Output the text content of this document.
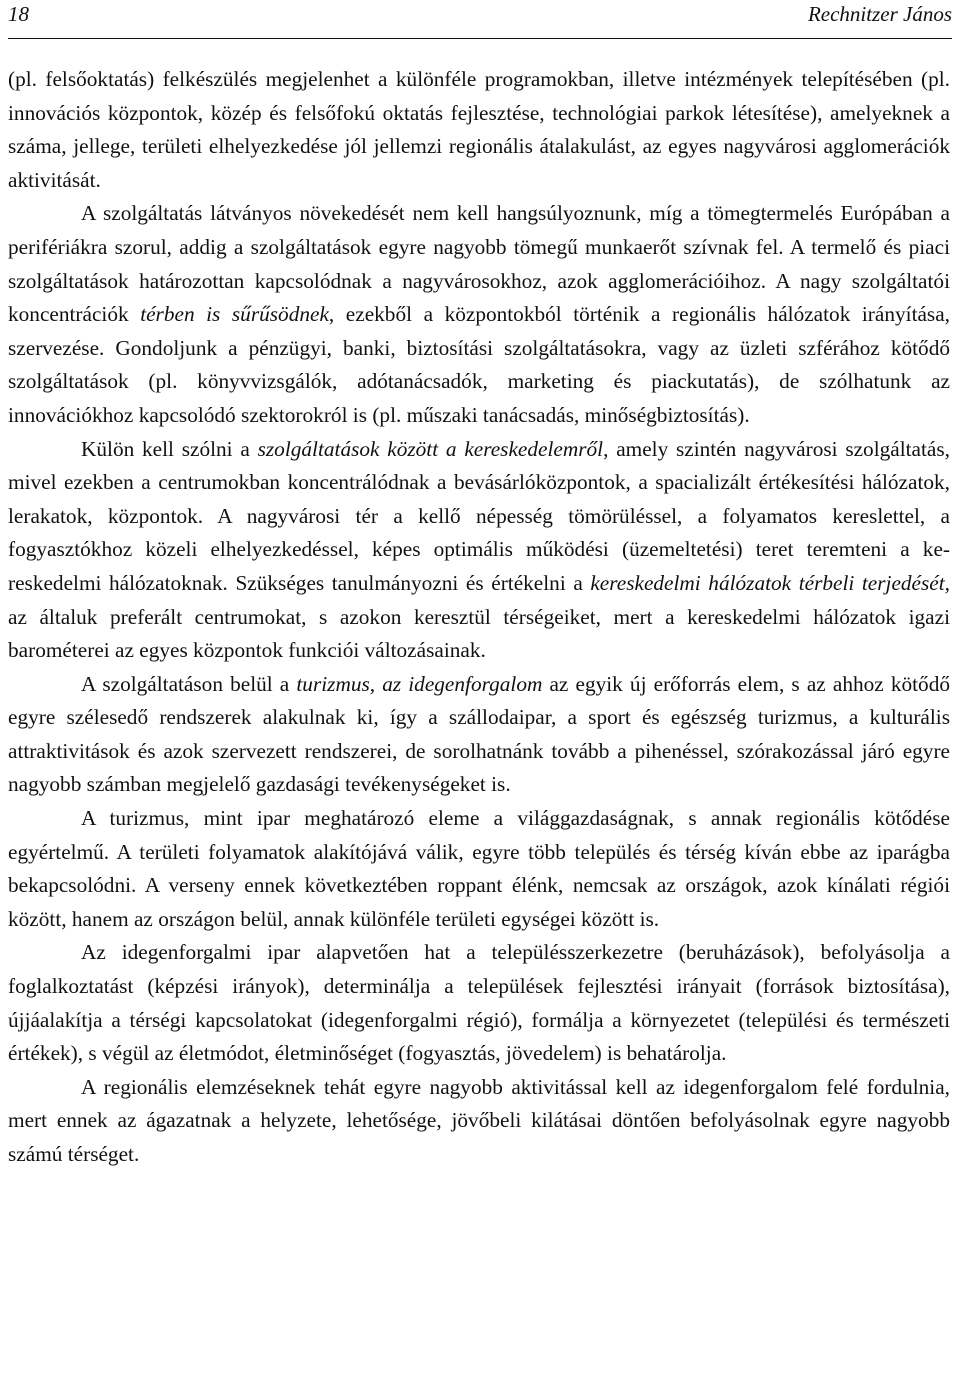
18	Rechnitzer János

(pl. felsőoktatás) felkészülés megjelenhet a különféle programokban, illetve intézmények telepítésében (pl. innovációs központok, közép és felsőfokú oktatás fejlesztése, technológiai parkok létesítése), amelyeknek a száma, jellege, területi elhelyezkedése jól jellemzi regionális átalakulást, az egyes nagyvárosi agglomerációk aktivitását.

A szolgáltatás látványos növekedését nem kell hangsúlyoznunk, míg a tömegtermelés Európában a perifériákra szorul, addig a szolgáltatások egyre nagyobb tömegű munkaerőt szívnak fel. A termelő és piaci szolgáltatások határozottan kapcsolódnak a nagyvárosokhoz, azok agglomerációihoz. A nagy szolgáltatói koncentrációk térben is sűrűsödnek, ezekből a központokból történik a regionális hálózatok irányítása, szervezése. Gondoljunk a pénzügyi, banki, biztosítási szolgáltatásokra, vagy az üzleti szférához kötődő szolgáltatások (pl. könyvvizsgálók, adótanácsadók, marketing és piackutatás), de szólhatunk az innovációkhoz kapcsolódó szektorokról is (pl. műszaki tanácsadás, minőségbiztosítás).

Külön kell szólni a szolgáltatások között a kereskedelemről, amely szintén nagyvárosi szolgáltatás, mivel ezekben a centrumokban koncentrálódnak a bevásárlóközpontok, a spacializált értékesítési hálózatok, lerakatok, központok. A nagyvárosi tér a kellő népesség tömörüléssel, a folyamatos kereslettel, a fogyasztókhoz közeli elhelyezkedéssel, képes optimális működési (üzemeltetési) teret teremteni a kereskedelmi hálózatoknak. Szükséges tanulmányozni és értékelni a kereskedelmi hálózatok térbeli terjedését, az általuk preferált centrumokat, s azokon keresztül térségeiket, mert a kereskedelmi hálózatok igazi barométerei az egyes központok funkciói változásainak.

A szolgáltatáson belül a turizmus, az idegenforgalom az egyik új erőforrás elem, s az ahhoz kötődő egyre szélesedő rendszerek alakulnak ki, így a szállodaipar, a sport és egészség turizmus, a kulturális attraktivitások és azok szervezett rendszerei, de sorolhatnánk tovább a pihenéssel, szórakozással járó egyre nagyobb számban megjelelő gazdasági tevékenységeket is.

A turizmus, mint ipar meghatározó eleme a világgazdaságnak, s annak regionális kötődése egyértelmű. A területi folyamatok alakítójává válik, egyre több település és térség kíván ebbe az iparágba bekapcsolódni. A verseny ennek következtében roppant élénk, nemcsak az országok, azok kínálati régiói között, hanem az országon belül, annak különféle területi egységei között is.

Az idegenforgalmi ipar alapvetően hat a településszerkezetre (beruházások), befolyásolja a foglalkoztatást (képzési irányok), determinálja a települések fejlesztési irányait (források biztosítása), újjáalakítja a térségi kapcsolatokat (idegenforgalmi régió), formálja a környezetet (települési és természeti értékek), s végül az életmódot, életminőséget (fogyasztás, jövedelem) is behatárolja.

A regionális elemzéseknek tehát egyre nagyobb aktivitással kell az idegenforgalom felé fordulnia, mert ennek az ágazatnak a helyzete, lehetősége, jövőbeli kilátásai döntően befolyásolnak egyre nagyobb számú térséget.
